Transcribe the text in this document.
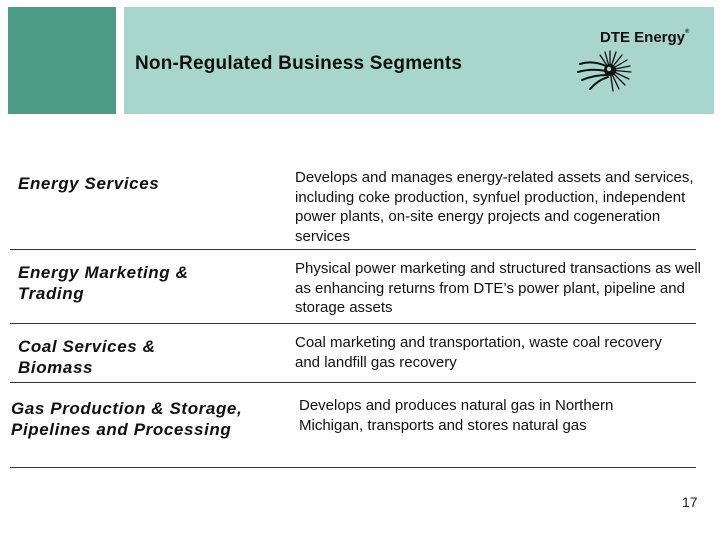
Non-Regulated Business Segments
DTE Energy®
Energy Services	Develops and manages energy-related assets and services, including coke production, synfuel production, independent power plants, on-site energy projects and cogeneration services
Energy Marketing & Trading
Physical power marketing and structured transactions as well as enhancing returns from DTE’s power plant, pipeline and storage assets
Coal Services & Biomass
Coal marketing and transportation, waste coal recovery and landfill gas recovery
Gas Production & Storage, Pipelines and Processing
Develops and produces natural gas in Northern Michigan, transports and stores natural gas
17
